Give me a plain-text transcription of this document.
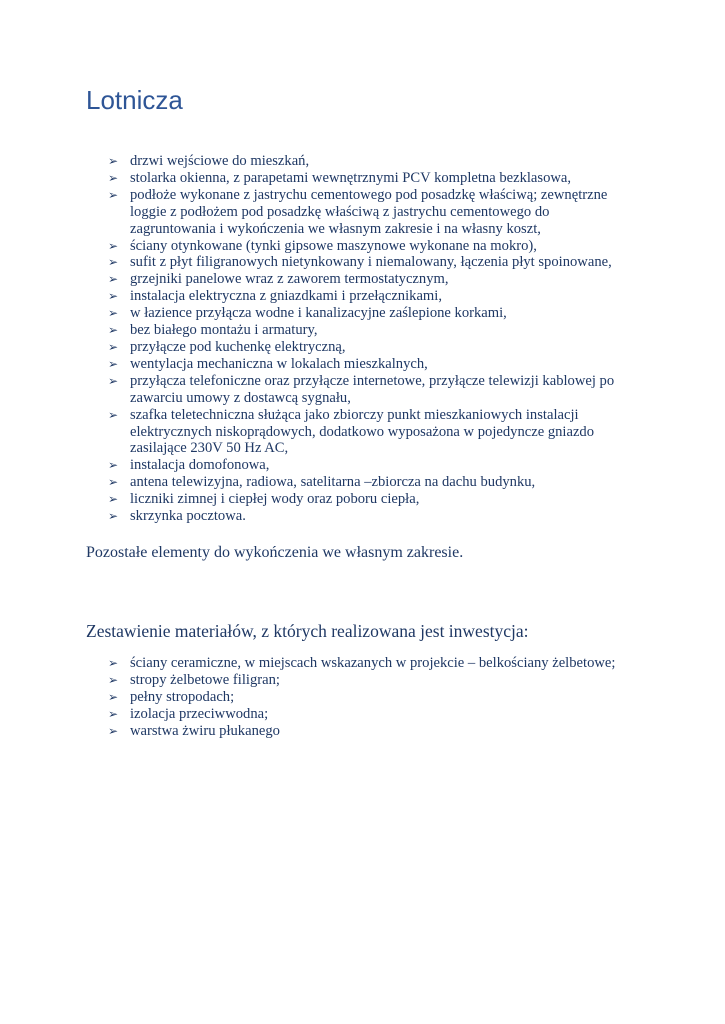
Lotnicza
➢ drzwi wejściowe do mieszkań,
➢ stolarka okienna, z parapetami wewnętrznymi PCV kompletna bezklasowa,
➢ podłoże wykonane z jastrychu cementowego pod posadzkę właściwą; zewnętrzne loggie z podłożem pod posadzkę właściwą z jastrychu cementowego do zagruntowania i wykończenia we własnym zakresie i na własny koszt,
➢ ściany otynkowane (tynki gipsowe maszynowe wykonane na mokro),
➢ sufit z płyt filigranowych nietynkowany i niemalowany, łączenia płyt spoinowane,
➢ grzejniki panelowe wraz z zaworem termostatycznym,
➢ instalacja elektryczna z gniazdkami i przełącznikami,
➢ w łazience przyłącza wodne i kanalizacyjne zaślepione korkami,
➢ bez białego montażu i armatury,
➢ przyłącze pod kuchenkę elektryczną,
➢ wentylacja mechaniczna w lokalach mieszkalnych,
➢ przyłącza telefoniczne oraz przyłącze internetowe, przyłącze telewizji kablowej po zawarciu umowy z dostawcą sygnału,
➢ szafka teletechniczna służąca jako zbiorczy punkt mieszkaniowych instalacji elektrycznych niskoprądowych, dodatkowo wyposażona w pojedyncze gniazdo zasilające 230V 50 Hz AC,
➢ instalacja domofonowa,
➢ antena telewizyjna, radiowa, satelitarna –zbiorcza na dachu budynku,
➢ liczniki zimnej i ciepłej wody oraz poboru ciepła,
➢ skrzynka pocztowa.

Pozostałe elementy do wykończenia we własnym zakresie.

Zestawienie materiałów, z których realizowana jest inwestycja:

➢ ściany ceramiczne, w miejscach wskazanych w projekcie – belkościany żelbetowe;
➢ stropy żelbetowe filigran;
➢ pełny stropodach;
➢ izolacja przeciwwodna;
➢ warstwa żwiru płukanego
